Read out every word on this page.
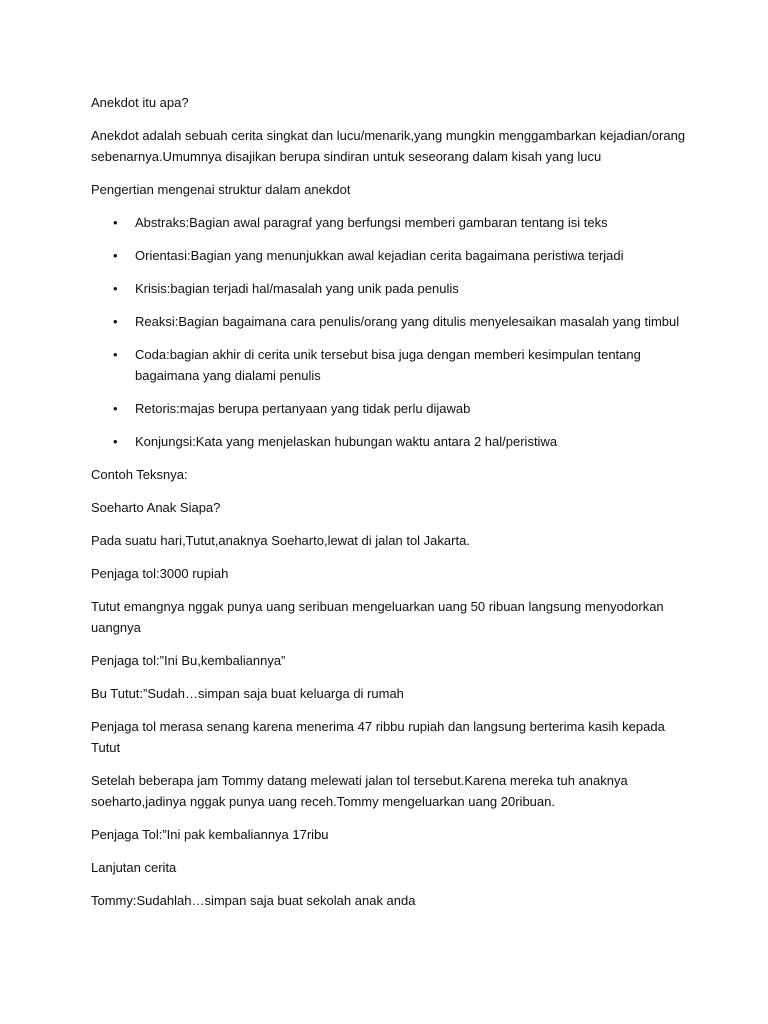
Anekdot itu apa?

Anekdot adalah sebuah cerita singkat dan lucu/menarik,yang mungkin menggambarkan kejadian/orang sebenarnya.Umumnya disajikan berupa sindiran untuk seseorang dalam kisah yang lucu

Pengertian mengenai struktur dalam anekdot

•	Abstraks:Bagian awal paragraf yang berfungsi memberi gambaran tentang isi teks
•	Orientasi:Bagian yang menunjukkan awal kejadian cerita bagaimana peristiwa terjadi
•	Krisis:bagian terjadi hal/masalah yang unik pada penulis
•	Reaksi:Bagian bagaimana cara penulis/orang yang ditulis menyelesaikan masalah yang timbul
•	Coda:bagian akhir di cerita unik tersebut bisa juga dengan memberi kesimpulan tentang bagaimana yang dialami penulis
•	Retoris:majas berupa pertanyaan yang tidak perlu dijawab
•	Konjungsi:Kata yang menjelaskan hubungan waktu antara 2 hal/peristiwa

Contoh Teksnya:

Soeharto Anak Siapa?

Pada suatu hari,Tutut,anaknya Soeharto,lewat di jalan tol Jakarta.

Penjaga tol:3000 rupiah

Tutut emangnya nggak punya uang seribuan mengeluarkan uang 50 ribuan langsung menyodorkan uangnya

Penjaga tol:”Ini Bu,kembaliannya”

Bu Tutut:”Sudah…simpan saja buat keluarga di rumah

Penjaga tol merasa senang karena menerima 47 ribbu rupiah dan langsung berterima kasih kepada Tutut

Setelah beberapa jam Tommy datang melewati jalan tol tersebut.Karena mereka tuh anaknya soeharto,jadinya nggak punya uang receh.Tommy mengeluarkan uang 20ribuan.

Penjaga Tol:”Ini pak kembaliannya 17ribu

Lanjutan cerita

Tommy:Sudahlah…simpan saja buat sekolah anak anda
